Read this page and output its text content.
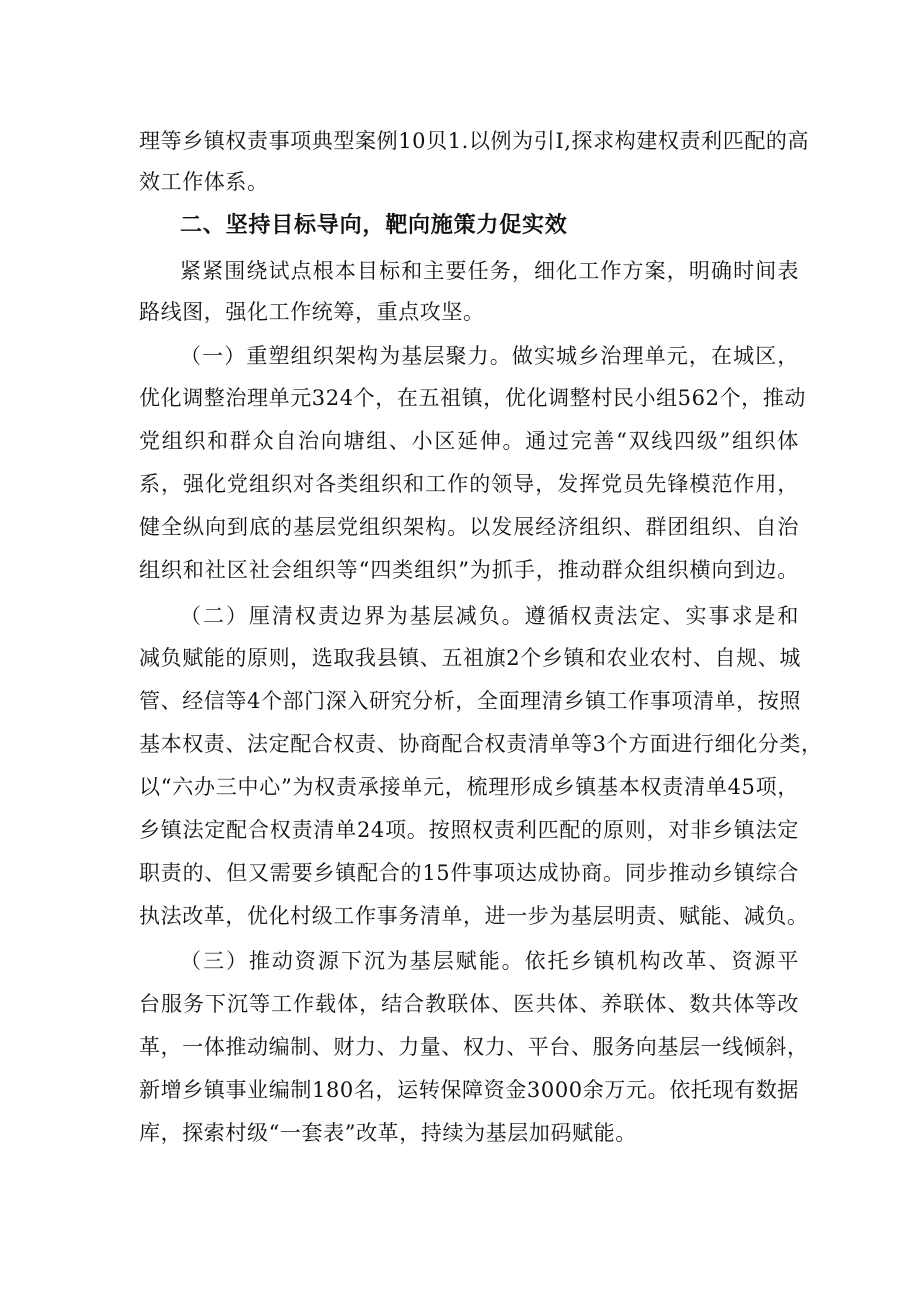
理等乡镇权责事项典型案例10贝1.以例为引I,探求构建权责利匹配的高
效工作体系。
二、坚持目标导向，靶向施策力促实效
紧紧围绕试点根本目标和主要任务，细化工作方案，明确时间表
路线图，强化工作统筹，重点攻坚。
（一）重塑组织架构为基层聚力。做实城乡治理单元，在城区，
优化调整治理单元324个，在五祖镇，优化调整村民小组562个，推动
党组织和群众自治向塘组、小区延伸。通过完善“双线四级”组织体
系，强化党组织对各类组织和工作的领导，发挥党员先锋模范作用，
健全纵向到底的基层党组织架构。以发展经济组织、群团组织、自治
组织和社区社会组织等“四类组织”为抓手，推动群众组织横向到边。
（二）厘清权责边界为基层减负。遵循权责法定、实事求是和
减负赋能的原则，选取我县镇、五祖旗2个乡镇和农业农村、自规、城
管、经信等4个部门深入研究分析，全面理清乡镇工作事项清单，按照
基本权责、法定配合权责、协商配合权责清单等3个方面进行细化分类，
以“六办三中心”为权责承接单元，梳理形成乡镇基本权责清单45项，
乡镇法定配合权责清单24项。按照权责利匹配的原则，对非乡镇法定
职责的、但又需要乡镇配合的15件事项达成协商。同步推动乡镇综合
执法改革，优化村级工作事务清单，进一步为基层明责、赋能、减负。
（三）推动资源下沉为基层赋能。依托乡镇机构改革、资源平
台服务下沉等工作载体，结合教联体、医共体、养联体、数共体等改
革，一体推动编制、财力、力量、权力、平台、服务向基层一线倾斜，
新增乡镇事业编制180名，运转保障资金3000余万元。依托现有数据
库，探索村级“一套表”改革，持续为基层加码赋能。
